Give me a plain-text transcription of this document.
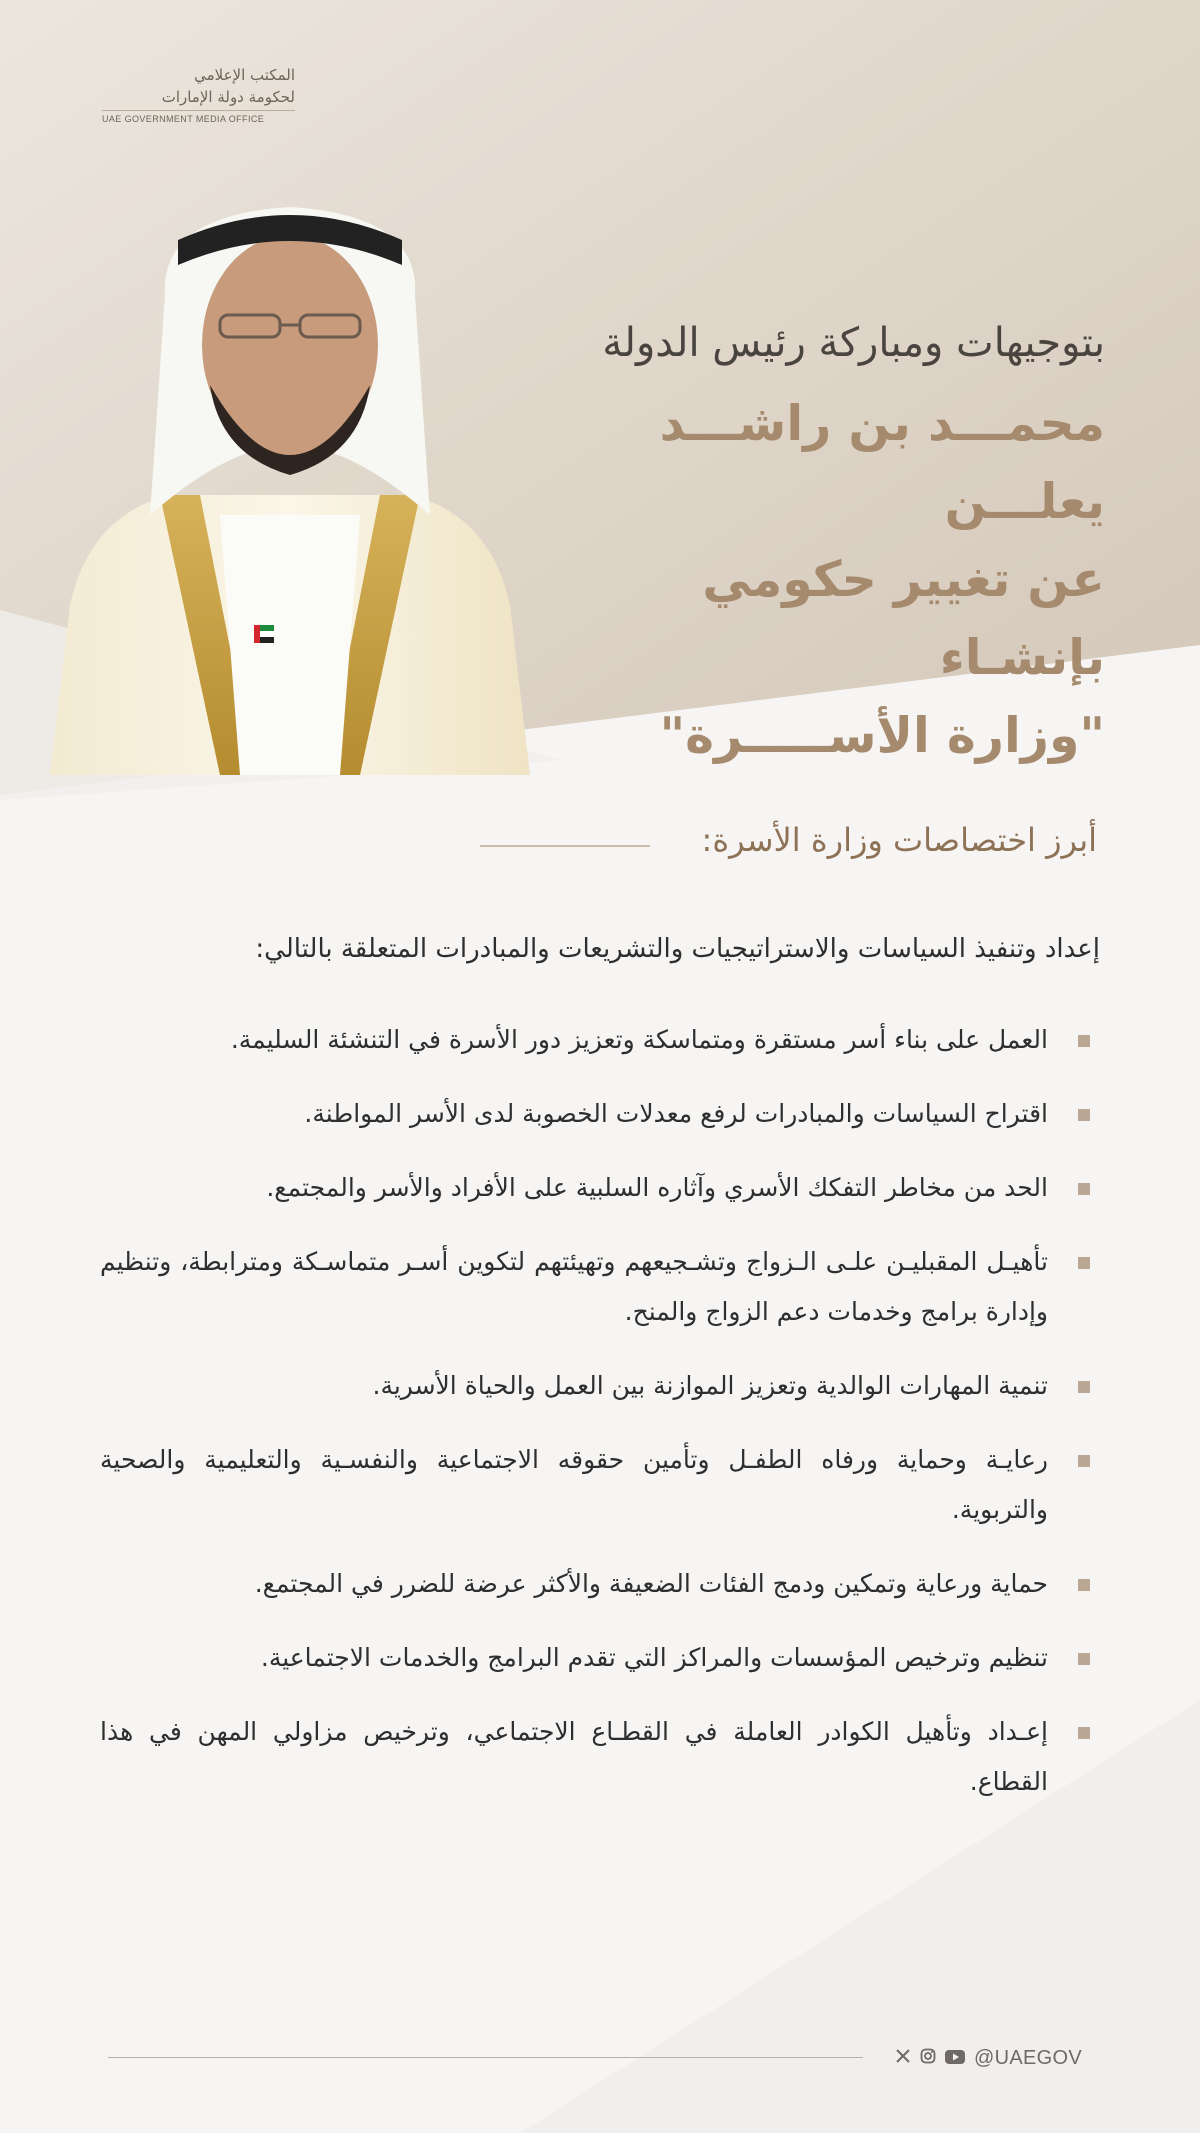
المكتب الإعلامي
لحكومة دولة الإمارات
UAE GOVERNMENT MEDIA OFFICE
بتوجيهات ومباركة رئيس الدولة
محمـــد بن راشـــد يعلـــن
عن تغيير حكومي بإنشـاء
"وزارة الأســـــرة"
أبرز اختصاصات وزارة الأسرة:
إعداد وتنفيذ السياسات والاستراتيجيات والتشريعات والمبادرات المتعلقة بالتالي:
العمل على بناء أسر مستقرة ومتماسكة وتعزيز دور الأسرة في التنشئة السليمة.
اقتراح السياسات والمبادرات لرفع معدلات الخصوبة لدى الأسر المواطنة.
الحد من مخاطر التفكك الأسري وآثاره السلبية على الأفراد والأسر والمجتمع.
تأهيـل المقبليـن علـى الـزواج وتشـجيعهم وتهيئتهم لتكوين أسـر متماسـكة ومترابطة، وتنظيم وإدارة برامج وخدمات دعم الزواج والمنح.
تنمية المهارات الوالدية وتعزيز الموازنة بين العمل والحياة الأسرية.
رعايـة وحماية ورفاه الطفـل وتأمين حقوقه الاجتماعية والنفسـية والتعليمية والصحية والتربوية.
حماية ورعاية وتمكين ودمج الفئات الضعيفة والأكثر عرضة للضرر في المجتمع.
تنظيم وترخيص المؤسسات والمراكز التي تقدم البرامج والخدمات الاجتماعية.
إعـداد وتأهيل الكوادر العاملة في القطـاع الاجتماعي، وترخيص مزاولي المهن في هذا القطاع.
@UAEGOV
